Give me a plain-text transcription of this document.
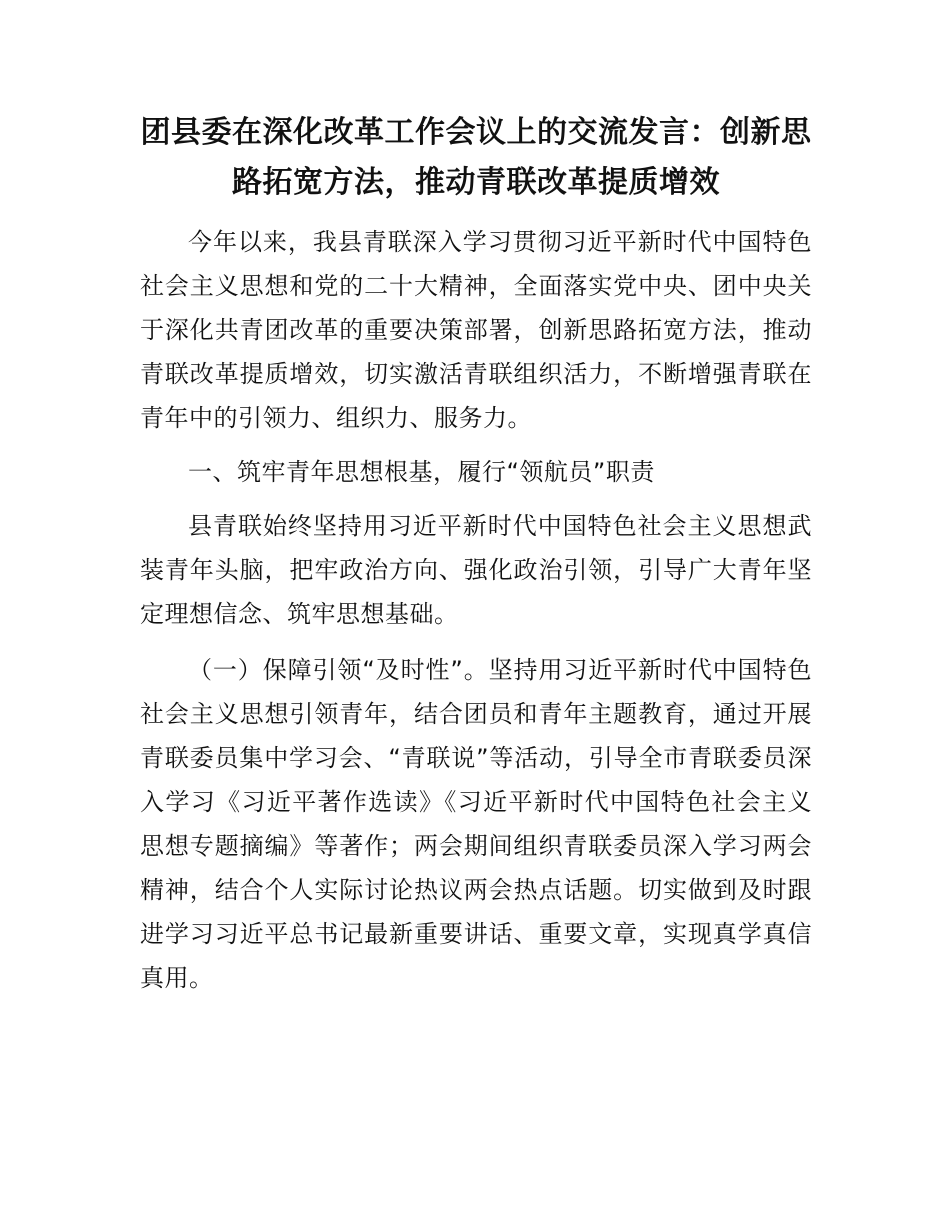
团县委在深化改革工作会议上的交流发言：创新思路拓宽方法，推动青联改革提质增效

今年以来，我县青联深入学习贯彻习近平新时代中国特色社会主义思想和党的二十大精神，全面落实党中央、团中央关于深化共青团改革的重要决策部署，创新思路拓宽方法，推动青联改革提质增效，切实激活青联组织活力，不断增强青联在青年中的引领力、组织力、服务力。

一、筑牢青年思想根基，履行“领航员”职责

县青联始终坚持用习近平新时代中国特色社会主义思想武装青年头脑，把牢政治方向、强化政治引领，引导广大青年坚定理想信念、筑牢思想基础。

（一）保障引领“及时性”。坚持用习近平新时代中国特色社会主义思想引领青年，结合团员和青年主题教育，通过开展青联委员集中学习会、“青联说”等活动，引导全市青联委员深入学习《习近平著作选读》《习近平新时代中国特色社会主义思想专题摘编》等著作；两会期间组织青联委员深入学习两会精神，结合个人实际讨论热议两会热点话题。切实做到及时跟进学习习近平总书记最新重要讲话、重要文章，实现真学真信真用。
